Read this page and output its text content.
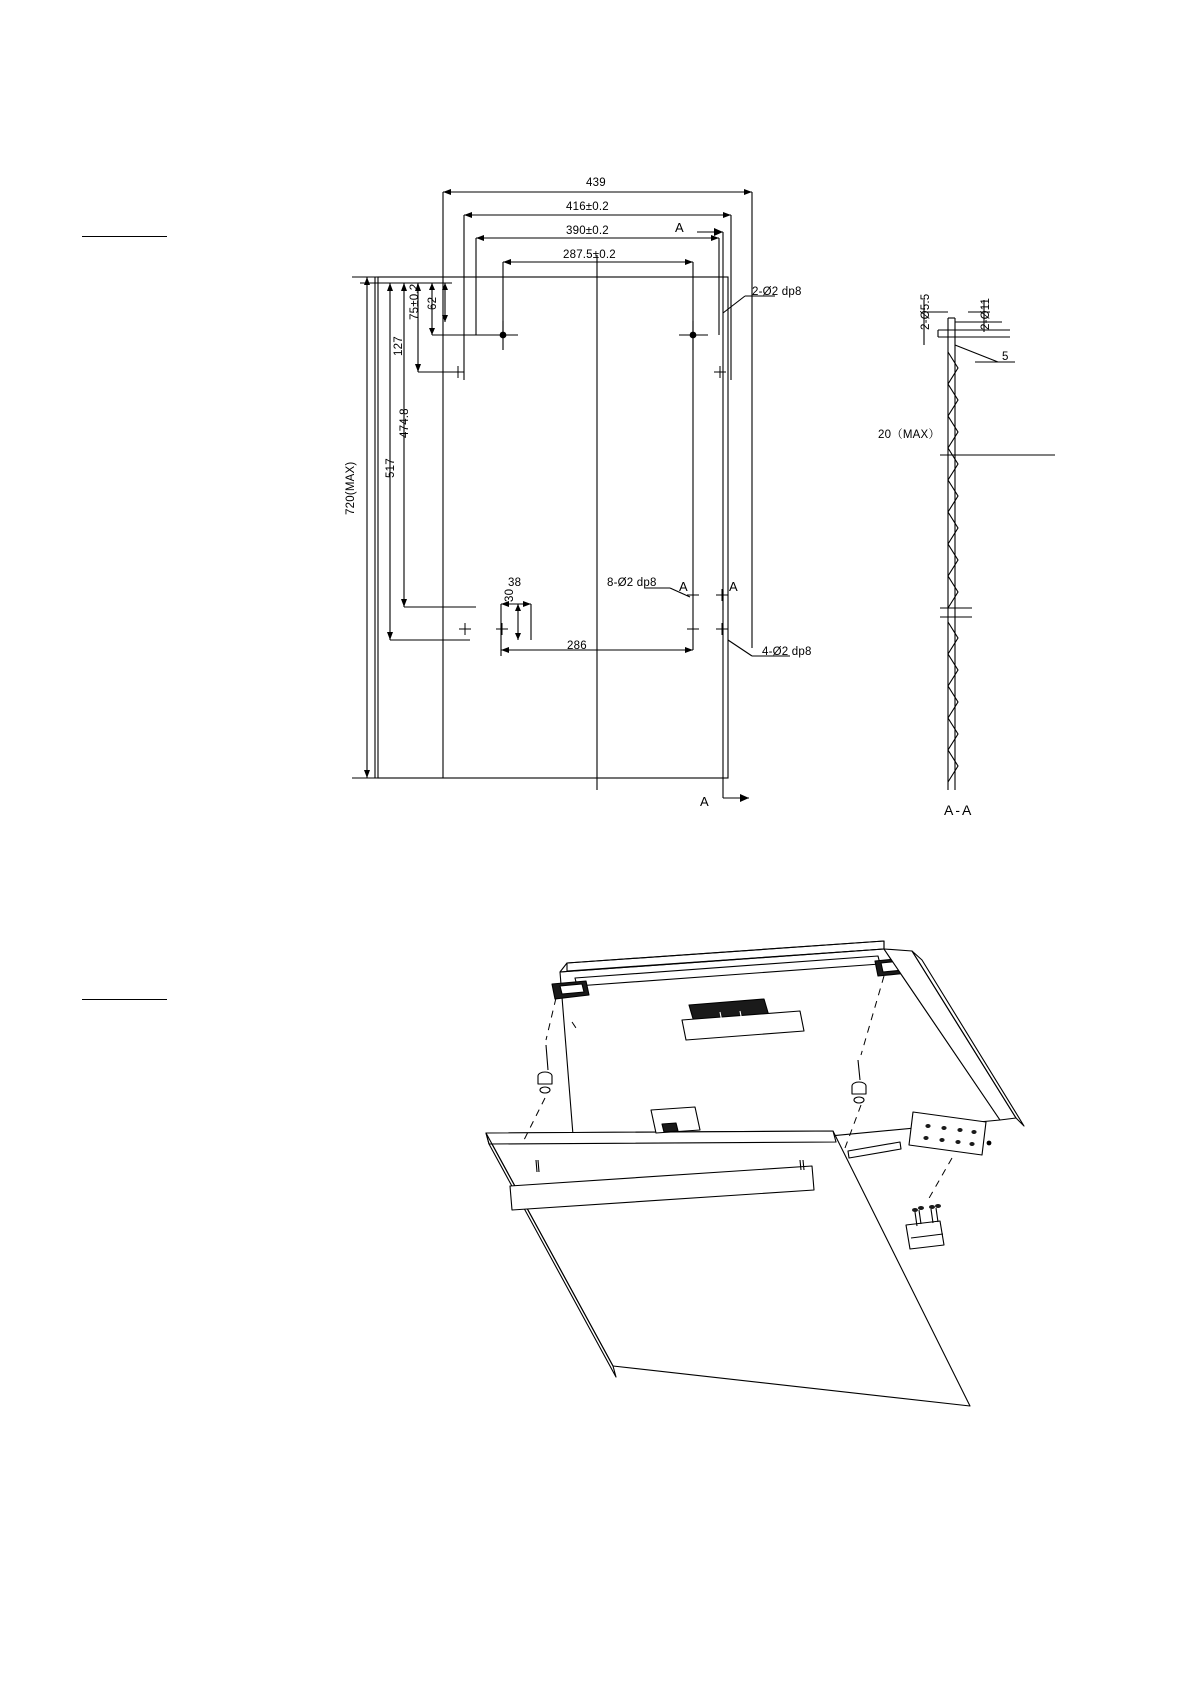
439
416±0.2
390±0.2
287.5±0.2
720(MAX) 517
474.8
127
75±0.2 62
38
30
286
2-Ø2 dp8
8-Ø2 dp8
4-Ø2 dp8
A
A	A
A
2-Ø5.5	2-Ø11
5
20（MAX）
A-A
